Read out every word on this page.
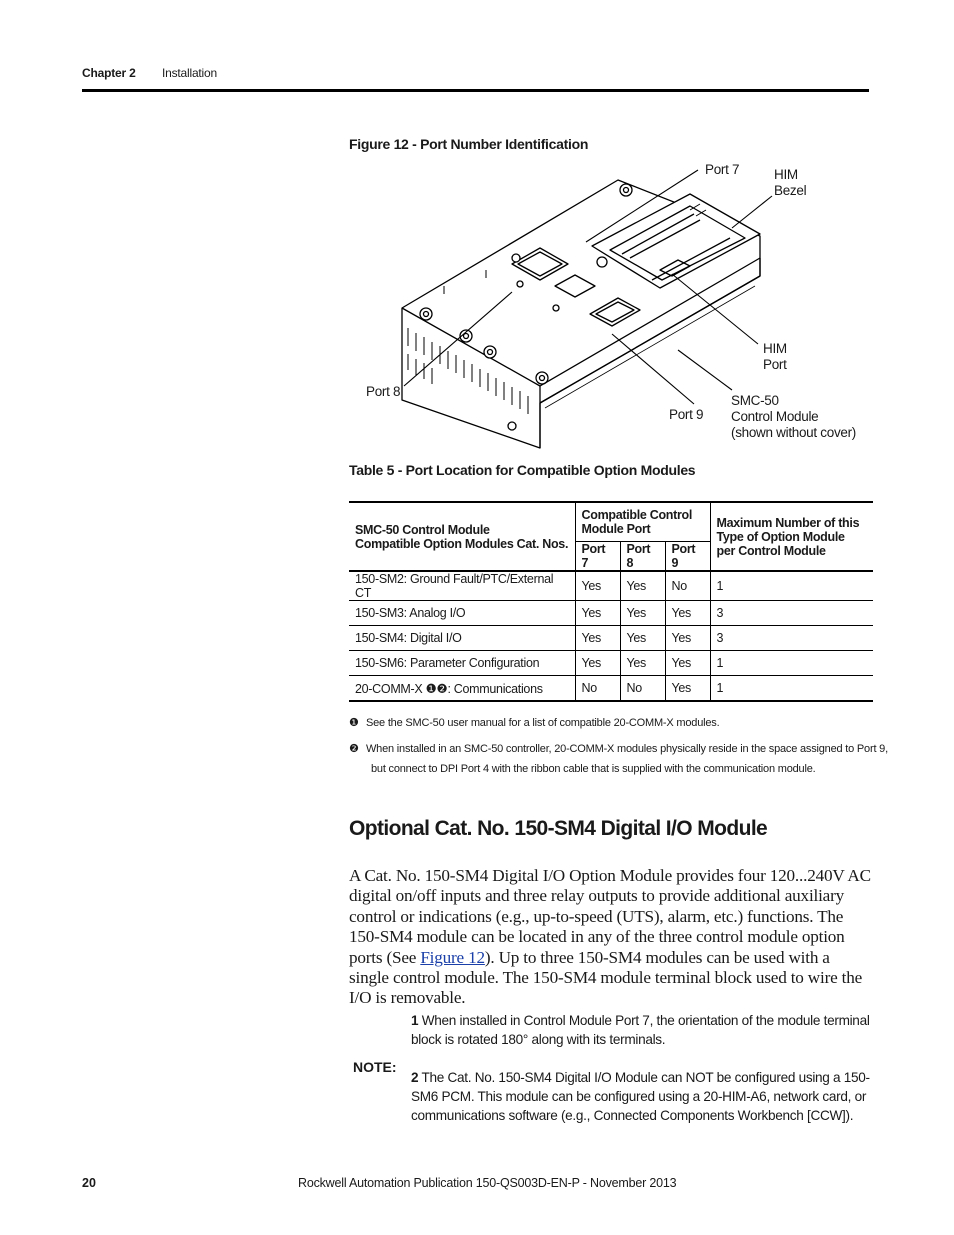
Chapter 2 Installation
Figure 12 - Port Number Identification
Port 7	HIM
Bezel
HIM
Port
Port 8
Port 9
SMC-50
Control Module
(shown without cover)
Table 5 - Port Location for Compatible Option Modules
SMC-50 Control Module
Compatible Option Modules Cat. Nos.	Compatible Control
Module Port			Maximum Number of this
Type of Option Module
per Control Module
	Port 7	Port 8	Port 9	
150-SM2: Ground Fault/PTC/External CT	Yes	Yes	No	1
150-SM3: Analog I/O	Yes	Yes	Yes	3
150-SM4: Digital I/O	Yes	Yes	Yes	3
150-SM6: Parameter Configuration	Yes	Yes	Yes	1
20-COMM-X ❶❷: Communications	No	No	Yes	1
❶ See the SMC-50 user manual for a list of compatible 20-COMM-X modules.
❷ When installed in an SMC-50 controller, 20-COMM-X modules physically reside in the space assigned to Port 9,
but connect to DPI Port 4 with the ribbon cable that is supplied with the communication module.
Optional Cat. No. 150-SM4 Digital I/O Module
A Cat. No. 150-SM4 Digital I/O Option Module provides four 120...240V AC digital on/off inputs and three relay outputs to provide additional auxiliary control or indications (e.g., up-to-speed (UTS), alarm, etc.) functions. The 150-SM4 module can be located in any of the three control module option ports (See Figure 12). Up to three 150-SM4 modules can be used with a single control module. The 150-SM4 module terminal block used to wire the I/O is removable.
NOTE:
1 When installed in Control Module Port 7, the orientation of the module terminal block is rotated 180° along with its terminals.
2 The Cat. No. 150-SM4 Digital I/O Module can NOT be configured using a 150-SM6 PCM. This module can be configured using a 20-HIM-A6, network card, or communications software (e.g., Connected Components Workbench [CCW]).
20	Rockwell Automation Publication 150-QS003D-EN-P - November 2013
